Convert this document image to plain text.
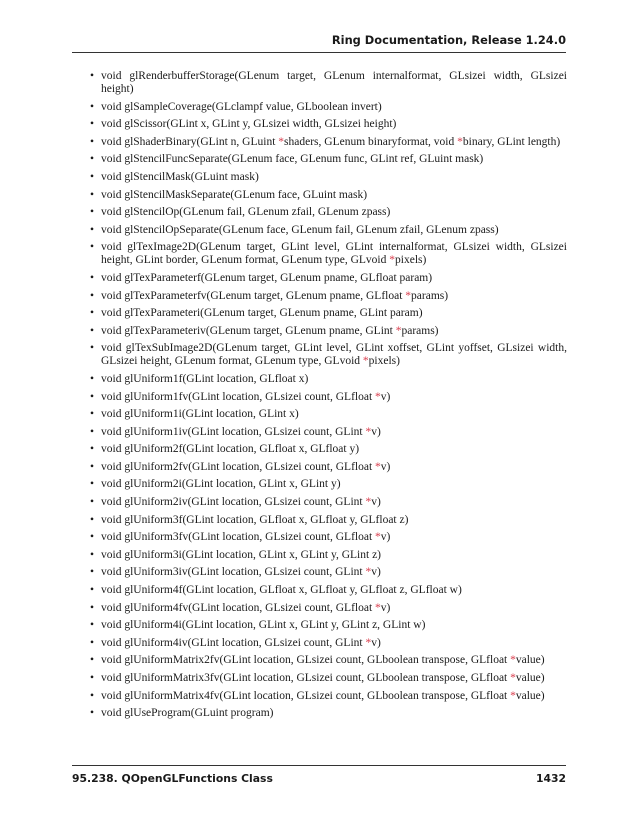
Ring Documentation, Release 1.24.0
• void glRenderbufferStorage(GLenum target, GLenum internalformat, GLsizei width, GLsizei height)
• void glSampleCoverage(GLclampf value, GLboolean invert)
• void glScissor(GLint x, GLint y, GLsizei width, GLsizei height)
• void glShaderBinary(GLint n, GLuint *shaders, GLenum binaryformat, void *binary, GLint length)
• void glStencilFuncSeparate(GLenum face, GLenum func, GLint ref, GLuint mask)
• void glStencilMask(GLuint mask)
• void glStencilMaskSeparate(GLenum face, GLuint mask)
• void glStencilOp(GLenum fail, GLenum zfail, GLenum zpass)
• void glStencilOpSeparate(GLenum face, GLenum fail, GLenum zfail, GLenum zpass)
• void glTexImage2D(GLenum target, GLint level, GLint internalformat, GLsizei width, GLsizei height, GLint border, GLenum format, GLenum type, GLvoid *pixels)
• void glTexParameterf(GLenum target, GLenum pname, GLfloat param)
• void glTexParameterfv(GLenum target, GLenum pname, GLfloat *params)
• void glTexParameteri(GLenum target, GLenum pname, GLint param)
• void glTexParameteriv(GLenum target, GLenum pname, GLint *params)
• void glTexSubImage2D(GLenum target, GLint level, GLint xoffset, GLint yoffset, GLsizei width, GLsizei height, GLenum format, GLenum type, GLvoid *pixels)
• void glUniform1f(GLint location, GLfloat x)
• void glUniform1fv(GLint location, GLsizei count, GLfloat *v)
• void glUniform1i(GLint location, GLint x)
• void glUniform1iv(GLint location, GLsizei count, GLint *v)
• void glUniform2f(GLint location, GLfloat x, GLfloat y)
• void glUniform2fv(GLint location, GLsizei count, GLfloat *v)
• void glUniform2i(GLint location, GLint x, GLint y)
• void glUniform2iv(GLint location, GLsizei count, GLint *v)
• void glUniform3f(GLint location, GLfloat x, GLfloat y, GLfloat z)
• void glUniform3fv(GLint location, GLsizei count, GLfloat *v)
• void glUniform3i(GLint location, GLint x, GLint y, GLint z)
• void glUniform3iv(GLint location, GLsizei count, GLint *v)
• void glUniform4f(GLint location, GLfloat x, GLfloat y, GLfloat z, GLfloat w)
• void glUniform4fv(GLint location, GLsizei count, GLfloat *v)
• void glUniform4i(GLint location, GLint x, GLint y, GLint z, GLint w)
• void glUniform4iv(GLint location, GLsizei count, GLint *v)
• void glUniformMatrix2fv(GLint location, GLsizei count, GLboolean transpose, GLfloat *value)
• void glUniformMatrix3fv(GLint location, GLsizei count, GLboolean transpose, GLfloat *value)
• void glUniformMatrix4fv(GLint location, GLsizei count, GLboolean transpose, GLfloat *value)
• void glUseProgram(GLuint program)
95.238. QOpenGLFunctions Class	1432
